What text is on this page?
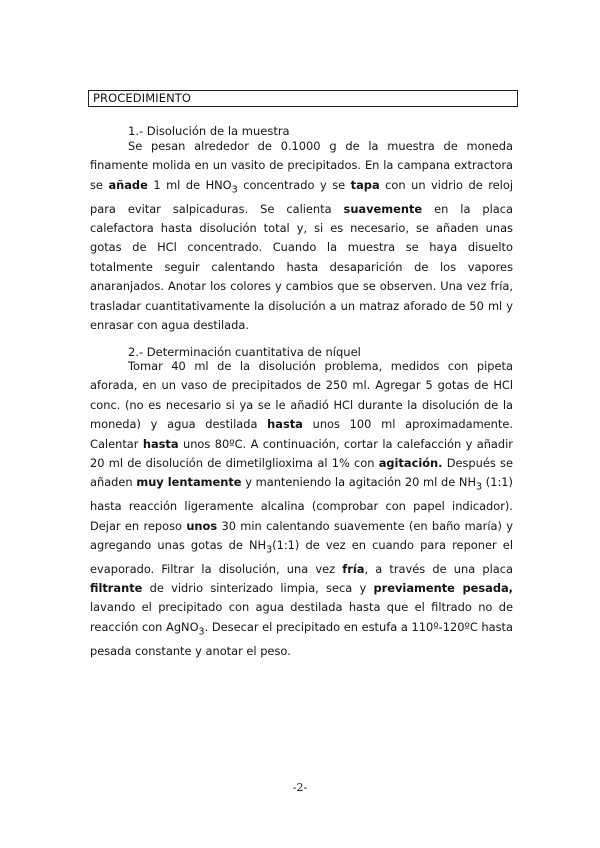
PROCEDIMIENTO
1.- Disolución de la muestra

Se pesan alrededor de 0.1000 g de la muestra de moneda finamente molida en un vasito de precipitados. En la campana extractora se añade 1 ml de $HNO_3$ concentrado y se tapa con un vidrio de reloj para evitar salpicaduras. Se calienta suavemente en la placa calefactora hasta disolución total y, si es necesario, se añaden unas gotas de HCl concentrado. Cuando la muestra se haya disuelto totalmente seguir calentando hasta desaparición de los vapores anaranjados. Anotar los colores y cambios que se observen. Una vez fría, trasladar cuantitativamente la disolución a un matraz aforado de 50 ml y enrasar con agua destilada.

2.- Determinación cuantitativa de níquel

Tomar 40 ml de la disolución problema, medidos con pipeta aforada, en un vaso de precipitados de 250 ml. Agregar 5 gotas de HCl conc. (no es necesario si ya se le añadió HCl durante la disolución de la moneda) y agua destilada hasta unos 100 ml aproximadamente. Calentar hasta unos 80ºC. A continuación, cortar la calefacción y añadir 20 ml de disolución de dimetilglioxima al 1% con agitación. Después se añaden muy lentamente y manteniendo la agitación 20 ml de $NH_3$ (1:1) hasta reacción ligeramente alcalina (comprobar con papel indicador). Dejar en reposo unos 30 min calentando suavemente (en baño maría) y agregando unas gotas de $NH_3(1:1)$ de vez en cuando para reponer el evaporado. Filtrar la disolución, una vez fría, a través de una placa filtrante de vidrio sinterizado limpia, seca y previamente pesada, lavando el precipitado con agua destilada hasta que el filtrado no de reacción con AgNO$_3$. Desecar el precipitado en estufa a 110º-120ºC hasta pesada constante y anotar el peso.

-2-
